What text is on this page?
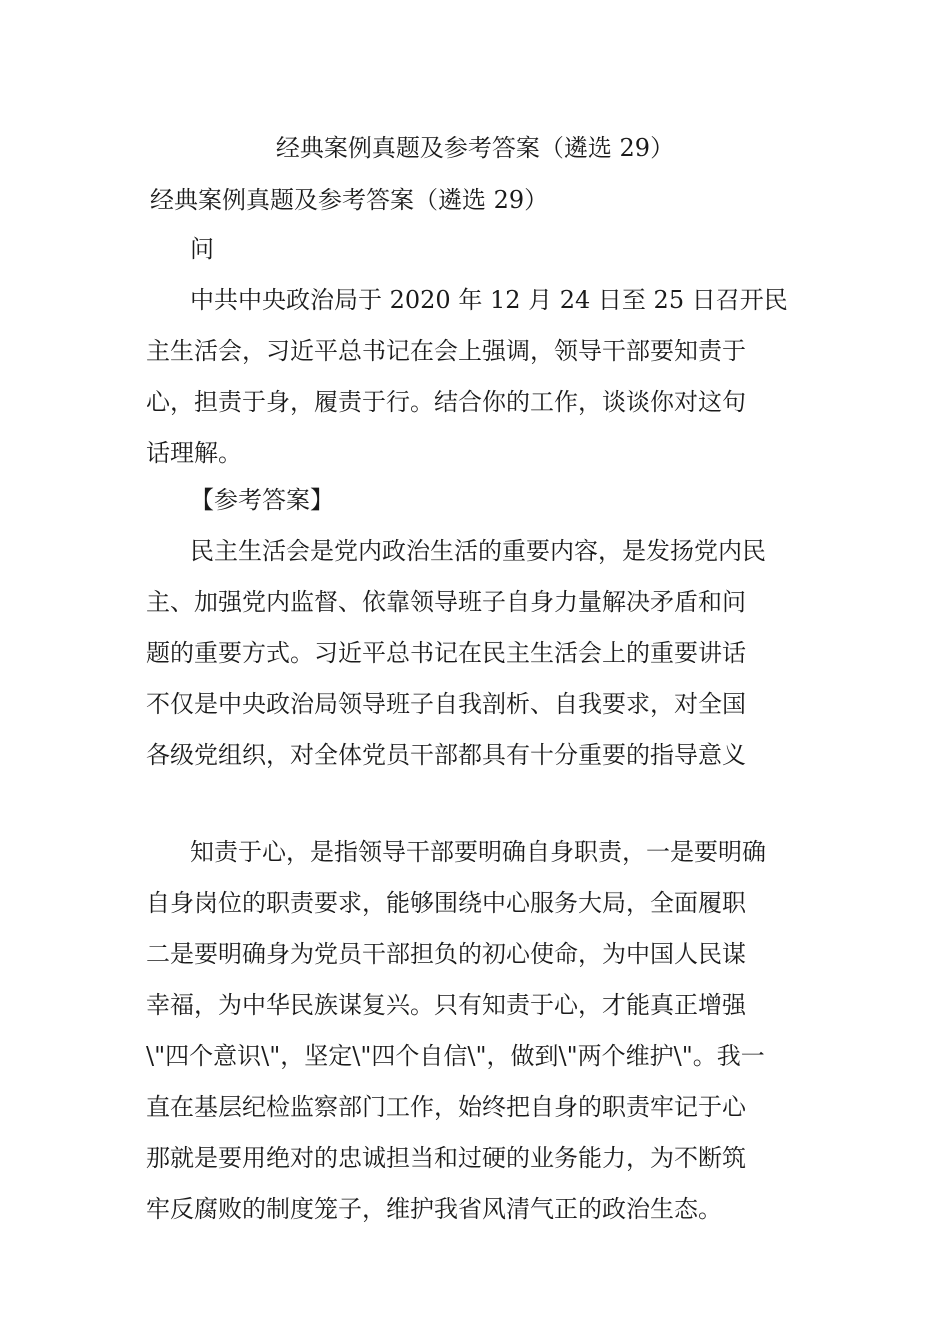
经典案例真题及参考答案（遴选 29）
经典案例真题及参考答案（遴选 29）
问
中共中央政治局于 2020 年 12 月 24 日至 25 日召开民
主生活会，习近平总书记在会上强调，领导干部要知责于
心，担责于身，履责于行。结合你的工作，谈谈你对这句
话理解。
【参考答案】
民主生活会是党内政治生活的重要内容，是发扬党内民
主、加强党内监督、依靠领导班子自身力量解决矛盾和问
题的重要方式。习近平总书记在民主生活会上的重要讲话
不仅是中央政治局领导班子自我剖析、自我要求，对全国
各级党组织，对全体党员干部都具有十分重要的指导意义
知责于心，是指领导干部要明确自身职责，一是要明确
自身岗位的职责要求，能够围绕中心服务大局，全面履职
二是要明确身为党员干部担负的初心使命，为中国人民谋
幸福，为中华民族谋复兴。只有知责于心，才能真正增强
\"四个意识\"，坚定\"四个自信\"，做到\"两个维护\"。我一
直在基层纪检监察部门工作，始终把自身的职责牢记于心
那就是要用绝对的忠诚担当和过硬的业务能力，为不断筑
牢反腐败的制度笼子，维护我省风清气正的政治生态。
